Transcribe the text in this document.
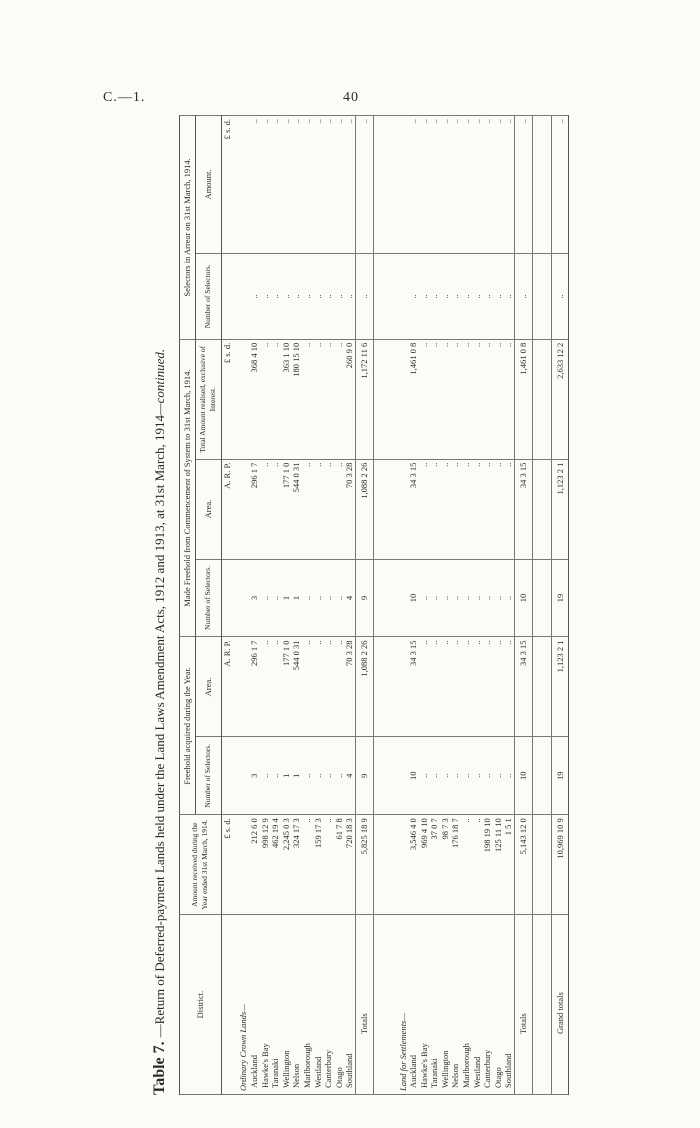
C.—1.	40
Table 7.—Return of Deferred-payment Lands held under the Land Laws Amendment Acts, 1912 and 1913, at 31st March, 1914—continued.
District.	Amount received during the Year ended 31st March, 1914.	Freehold acquired during the Year.		Made Freehold from Commencement of System to 31st March, 1914.			Selectors in Arrear on 31st March, 1914.	
		Number of Selectors.	Area.	Number of Selectors.	Area.	Total Amount realised, exclusive of Interest.	Number of Selectors.	Amount.
	£ s. d.		A. R. P.		A. R. P.	£ s. d.		£ s. d.
Ordinary Crown Lands—								
Auckland	212 6 0	3	296 1 7	3	296 1 7	368 4 10	..	..
Hawke's Bay	998 12 9	..	..	..	..	..	..	..
Taranaki	462 19 4	..	..	..	..	..	..	..
Wellington	2,245 0 3	1	177 1 0	1	177 1 0	363 1 10	..	..
Nelson	324 17 3	1	544 0 31	1	544 0 31	180 15 10	..	..
Marlborough	..	..	..	..	..	..	..	..
Westland	159 17 3	..	..	..	..	..	..	..
Canterbury	..	..	..	..	..	..	..	..
Otago	61 7 8	..	..	..	..	..	..	..
Southland	720 18 3	4	70 3 28	4	70 3 28	260 9 0	..	..
Totals	5,825 18 9	9	1,088 2 26	9	1,088 2 26	1,172 11 6	..	..

Land for Settlements—								
Auckland	3,546 4 0	10	34 3 15	10	34 3 15	1,461 0 8	..	..
Hawke's Bay	969 4 10	..	..	..	..	..	..	..
Taranaki	37 0 7	..	..	..	..	..	..	..
Wellington	98 7 3	..	..	..	..	..	..	..
Nelson	176 18 7	..	..	..	..	..	..	..
Marlborough	..	..	..	..	..	..	..	..
Westland	..	..	..	..	..	..	..	..
Canterbury	198 19 10	..	..	..	..	..	..	..
Otago	125 11 10	..	..	..	..	..	..	..
Southland	1 5 1	..	..	..	..	..	..	..
Totals	5,143 12 0	10	34 3 15	10	34 3 15	1,461 0 8	..	..

Grand totals	10,969 10 9	19	1,123 2 1	19	1,123 2 1	2,633 12 2	..	..
